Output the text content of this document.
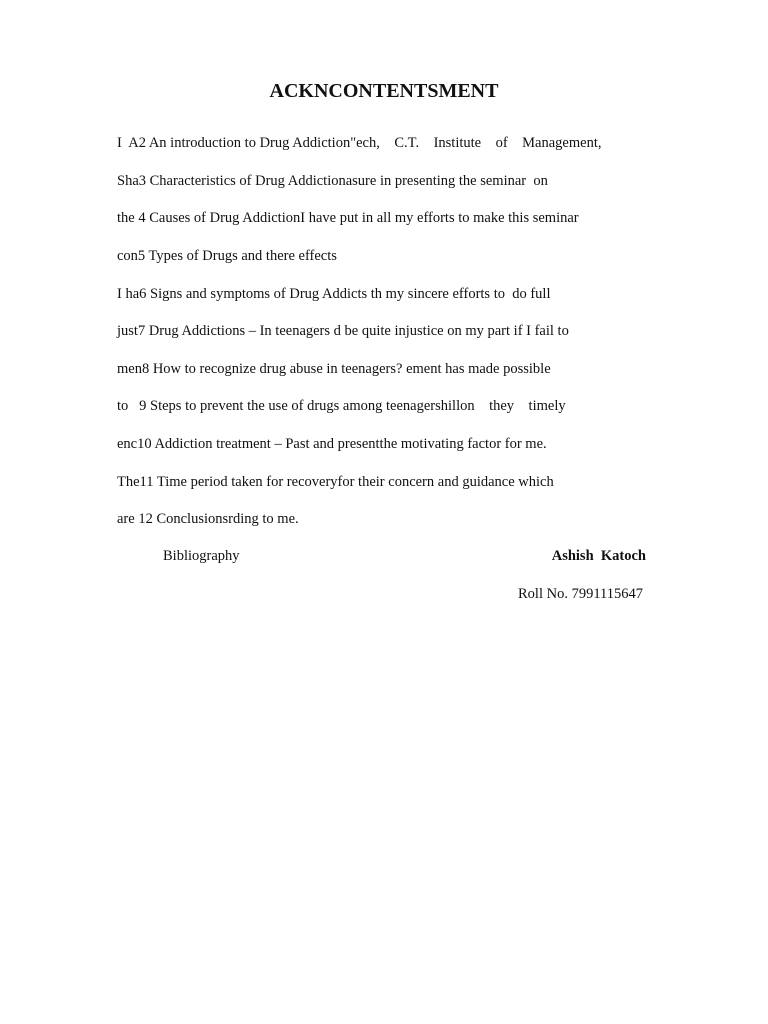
ACKNCONTENTSMENT
I  A2 An introduction to Drug Addiction"ech,    C.T.    Institute    of    Management,
Sha3 Characteristics of Drug Addictionasure in presenting the seminar  on
the 4 Causes of Drug AddictionI have put in all my efforts to make this seminar
con5 Types of Drugs and there effects
I ha6 Signs and symptoms of Drug Addicts th my sincere efforts to  do full
just7 Drug Addictions – In teenagers d be quite injustice on my part if I fail to
men8 How to recognize drug abuse in teenagers? ement has made possible
to   9 Steps to prevent the use of drugs among teenagershillon    they    timely
enc10 Addiction treatment – Past and presentthe motivating factor for me.
The11 Time period taken for recoveryfor their concern and guidance which
are 12 Conclusionsrding to me.
Bibliography	Ashish  Katoch
Roll No. 7991115647
